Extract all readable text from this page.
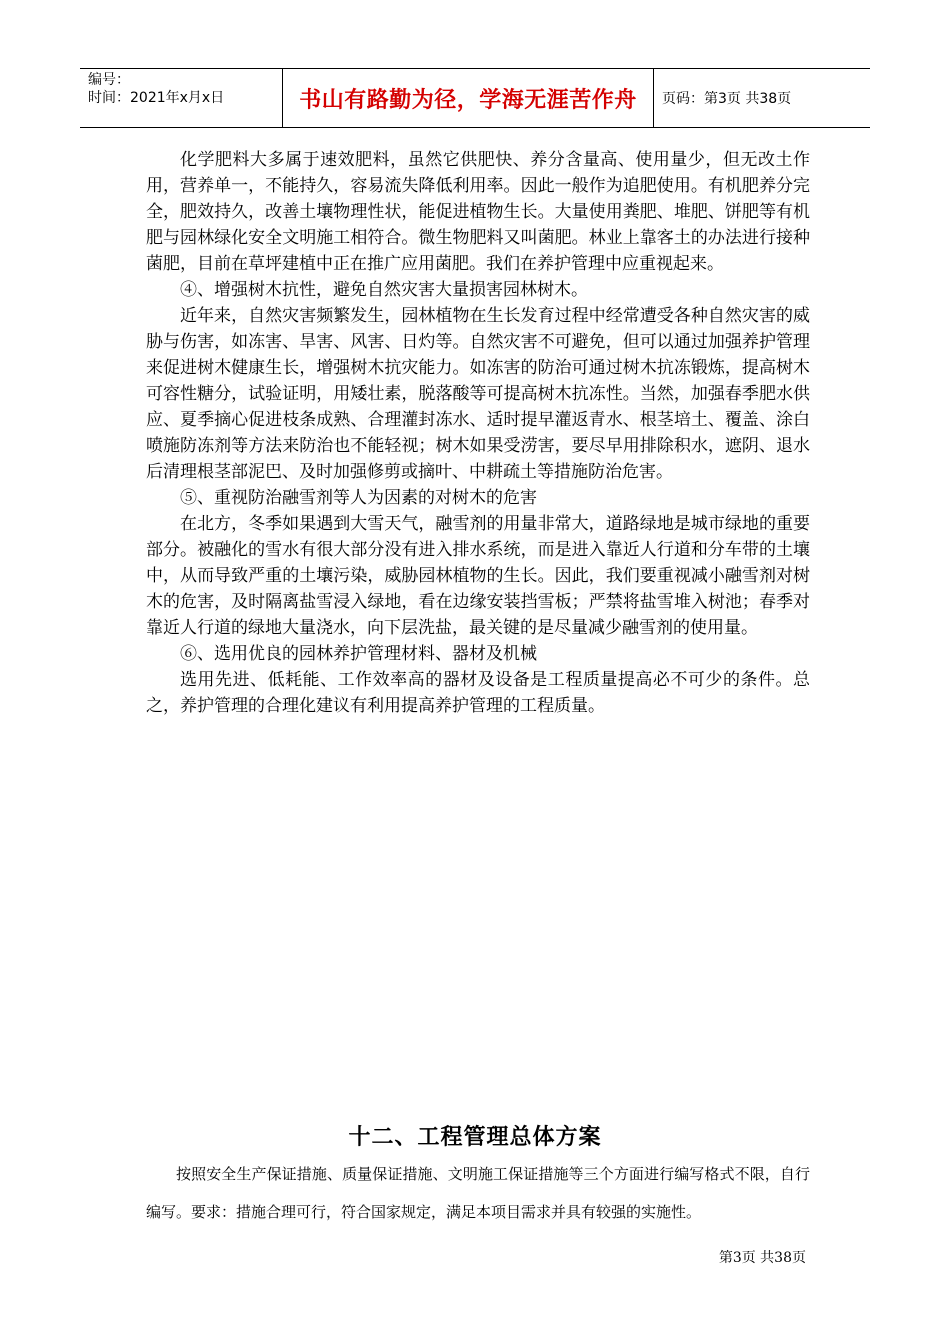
编号：
时间：2021年x月x日	书山有路勤为径，学海无涯苦作舟	页码：第3页 共38页

化学肥料大多属于速效肥料，虽然它供肥快、养分含量高、使用量少，但无改土作用，营养单一，不能持久，容易流失降低利用率。因此一般作为追肥使用。有机肥养分完全，肥效持久，改善土壤物理性状，能促进植物生长。大量使用粪肥、堆肥、饼肥等有机肥与园林绿化安全文明施工相符合。微生物肥料又叫菌肥。林业上靠客土的办法进行接种菌肥，目前在草坪建植中正在推广应用菌肥。我们在养护管理中应重视起来。

④、增强树木抗性，避免自然灾害大量损害园林树木。

近年来，自然灾害频繁发生，园林植物在生长发育过程中经常遭受各种自然灾害的威胁与伤害，如冻害、旱害、风害、日灼等。自然灾害不可避免，但可以通过加强养护管理来促进树木健康生长，增强树木抗灾能力。如冻害的防治可通过树木抗冻锻炼，提高树木可容性糖分，试验证明，用矮壮素，脱落酸等可提高树木抗冻性。当然，加强春季肥水供应、夏季摘心促进枝条成熟、合理灌封冻水、适时提早灌返青水、根茎培土、覆盖、涂白喷施防冻剂等方法来防治也不能轻视；树木如果受涝害，要尽早用排除积水，遮阴、退水后清理根茎部泥巴、及时加强修剪或摘叶、中耕疏土等措施防治危害。

⑤、重视防治融雪剂等人为因素的对树木的危害

在北方，冬季如果遇到大雪天气，融雪剂的用量非常大，道路绿地是城市绿地的重要部分。被融化的雪水有很大部分没有进入排水系统，而是进入靠近人行道和分车带的土壤中，从而导致严重的土壤污染，威胁园林植物的生长。因此，我们要重视减小融雪剂对树木的危害，及时隔离盐雪浸入绿地，看在边缘安装挡雪板；严禁将盐雪堆入树池；春季对靠近人行道的绿地大量浇水，向下层洗盐，最关键的是尽量减少融雪剂的使用量。

⑥、选用优良的园林养护管理材料、器材及机械

选用先进、低耗能、工作效率高的器材及设备是工程质量提高必不可少的条件。总之，养护管理的合理化建议有利用提高养护管理的工程质量。

十二、工程管理总体方案

按照安全生产保证措施、质量保证措施、文明施工保证措施等三个方面进行编写格式不限，自行编写。要求：措施合理可行，符合国家规定，满足本项目需求并具有较强的实施性。

第3页 共38页
